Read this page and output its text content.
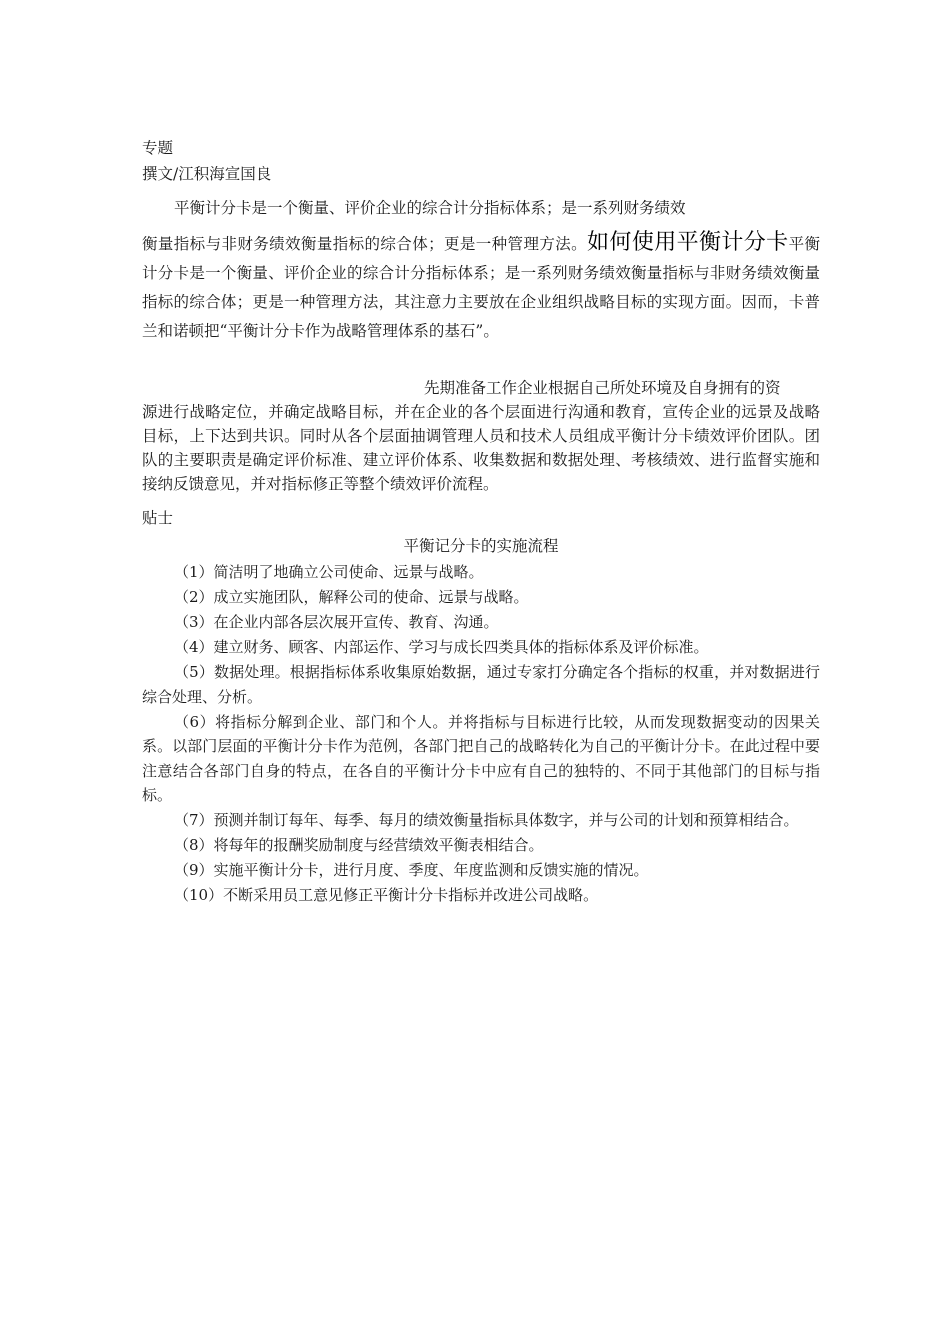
专题
撰文/江积海宣国良

平衡计分卡是一个衡量、评价企业的综合计分指标体系；是一系列财务绩效

衡量指标与非财务绩效衡量指标的综合体；更是一种管理方法。如何使用平衡计分卡平衡计分卡是一个衡量、评价企业的综合计分指标体系；是一系列财务绩效衡量指标与非财务绩效衡量指标的综合体；更是一种管理方法，其注意力主要放在企业组织战略目标的实现方面。因而，卡普兰和诺顿把“平衡计分卡作为战略管理体系的基石”。

先期准备工作企业根据自己所处环境及自身拥有的资

源进行战略定位，并确定战略目标，并在企业的各个层面进行沟通和教育，宣传企业的远景及战略目标，上下达到共识。同时从各个层面抽调管理人员和技术人员组成平衡计分卡绩效评价团队。团队的主要职责是确定评价标准、建立评价体系、收集数据和数据处理、考核绩效、进行监督实施和接纳反馈意见，并对指标修正等整个绩效评价流程。

贴士
平衡记分卡的实施流程

（1）简洁明了地确立公司使命、远景与战略。

（2）成立实施团队，解释公司的使命、远景与战略。

（3）在企业内部各层次展开宣传、教育、沟通。

（4）建立财务、顾客、内部运作、学习与成长四类具体的指标体系及评价标准。

（5）数据处理。根据指标体系收集原始数据，通过专家打分确定各个指标的权重，并对数据进行综合处理、分析。

（6）将指标分解到企业、部门和个人。并将指标与目标进行比较，从而发现数据变动的因果关系。以部门层面的平衡计分卡作为范例，各部门把自己的战略转化为自己的平衡计分卡。在此过程中要注意结合各部门自身的特点，在各自的平衡计分卡中应有自己的独特的、不同于其他部门的目标与指标。

（7）预测并制订每年、每季、每月的绩效衡量指标具体数字，并与公司的计划和预算相结合。

（8）将每年的报酬奖励制度与经营绩效平衡表相结合。

（9）实施平衡计分卡，进行月度、季度、年度监测和反馈实施的情况。

（10）不断采用员工意见修正平衡计分卡指标并改进公司战略。
